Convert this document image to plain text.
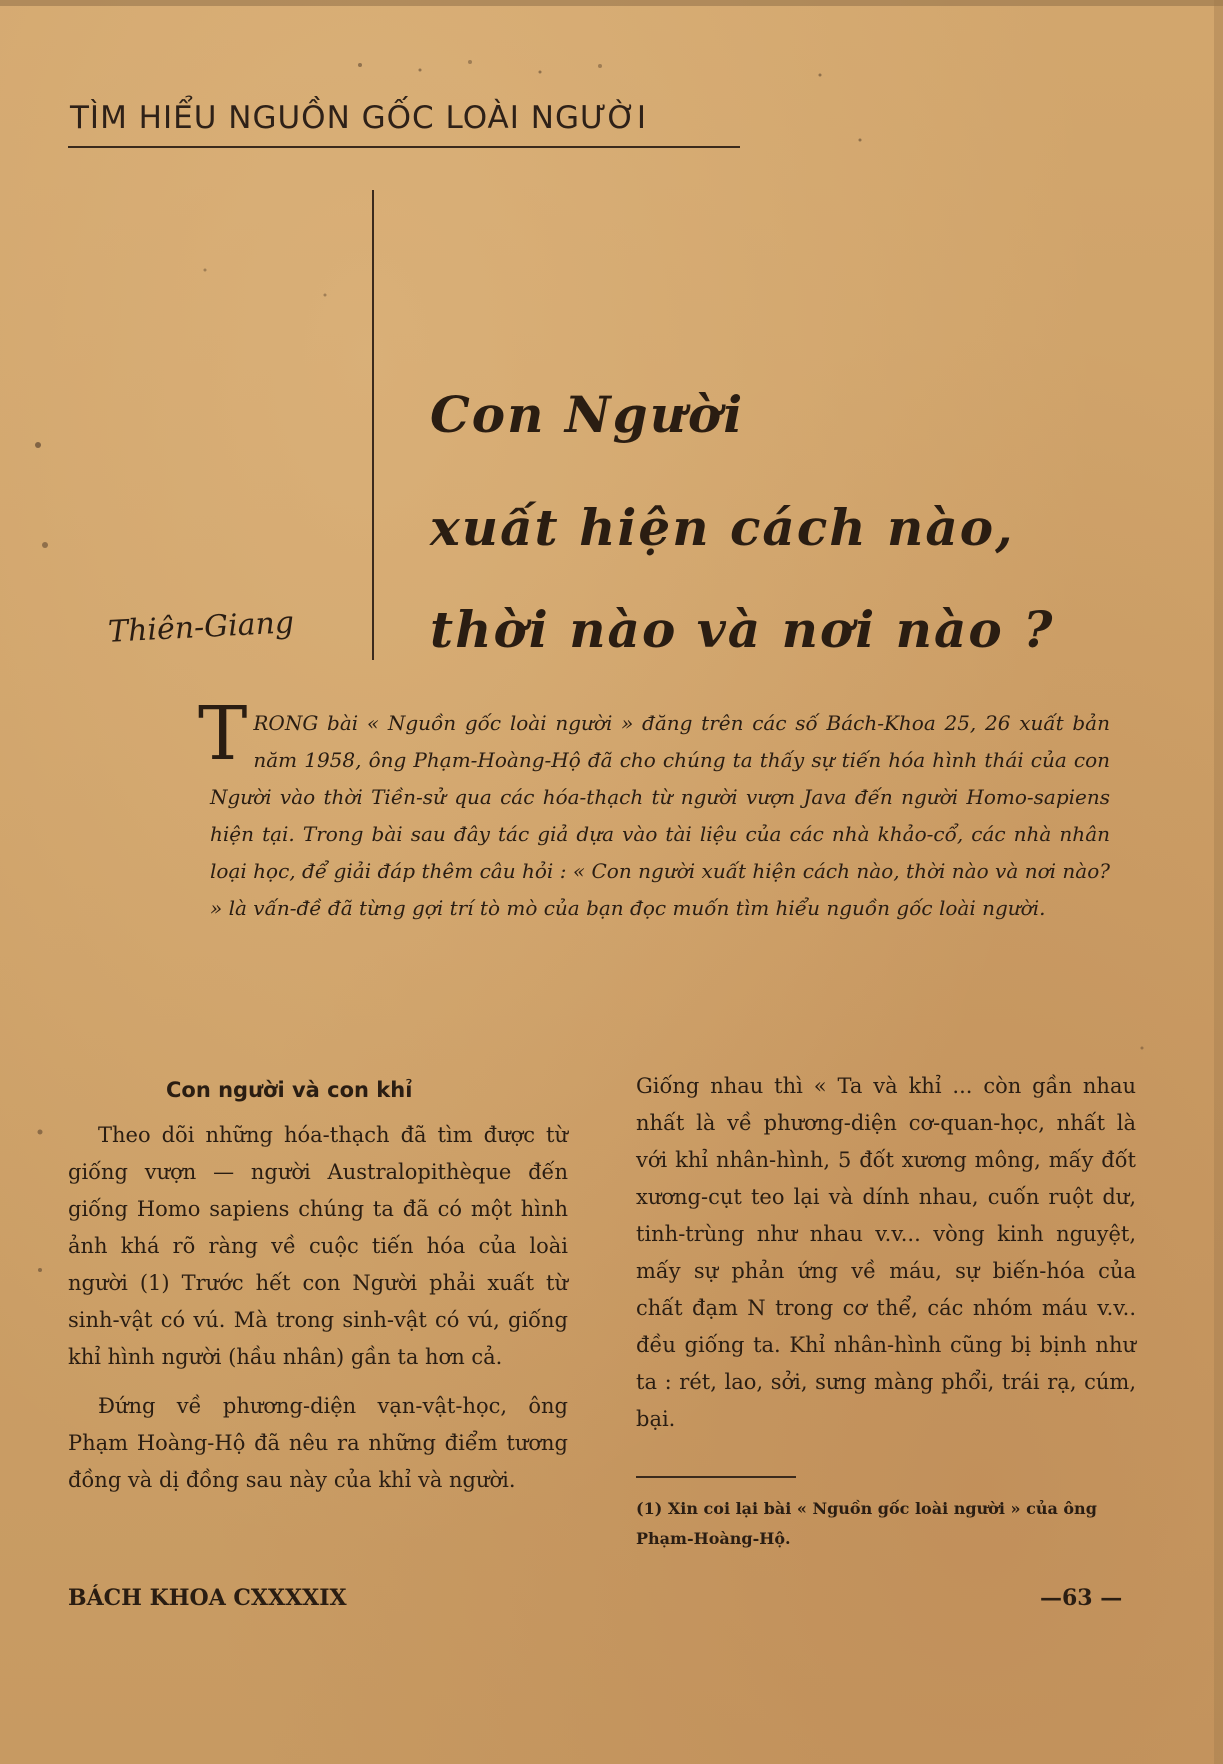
TÌM HIỂU NGUỒN GỐC LOÀI NGƯỜI
Con Người
xuất hiện cách nào,
thời nào và nơi nào ?
Thiên-Giang
TRONG bài « Nguồn gốc loài người » đăng trên các số Bách-Khoa 25, 26 xuất bản năm 1958, ông Phạm-Hoàng-Hộ đã cho chúng ta thấy sự tiến hóa hình thái của con Người vào thời Tiền-sử qua các hóa-thạch từ người vượn Java đến người Homo-sapiens hiện tại. Trong bài sau đây tác giả dựa vào tài liệu của các nhà khảo-cổ, các nhà nhân loại học, để giải đáp thêm câu hỏi : « Con người xuất hiện cách nào, thời nào và nơi nào? » là vấn-đề đã từng gợi trí tò mò của bạn đọc muốn tìm hiểu nguồn gốc loài người.
Con người và con khỉ

Theo dõi những hóa-thạch đã tìm được từ giống vượn — người Australopithèque đến giống Homo sapiens chúng ta đã có một hình ảnh khá rõ ràng về cuộc tiến hóa của loài người (1) Trước hết con Người phải xuất từ sinh-vật có vú. Mà trong sinh-vật có vú, giống khỉ hình người (hầu nhân) gần ta hơn cả.

Đứng về phương-diện vạn-vật-học, ông Phạm Hoàng-Hộ đã nêu ra những điểm tương đồng và dị đồng sau này của khỉ và người.

Giống nhau thì « Ta và khỉ ... còn gần nhau nhất là về phương-diện cơ-quan-học, nhất là với khỉ nhân-hình, 5 đốt xương mông, mấy đốt xương-cụt teo lại và dính nhau, cuốn ruột dư, tinh-trùng như nhau v.v... vòng kinh nguyệt, mấy sự phản ứng về máu, sự biến-hóa của chất đạm N trong cơ thể, các nhóm máu v.v.. đều giống ta. Khỉ nhân-hình cũng bị bịnh như ta : rét, lao, sởi, sưng màng phổi, trái rạ, cúm, bại.

(1) Xin coi lại bài « Nguồn gốc loài người » của ông Phạm-Hoàng-Hộ.
BÁCH KHOA CXXXXIX	—63 —
